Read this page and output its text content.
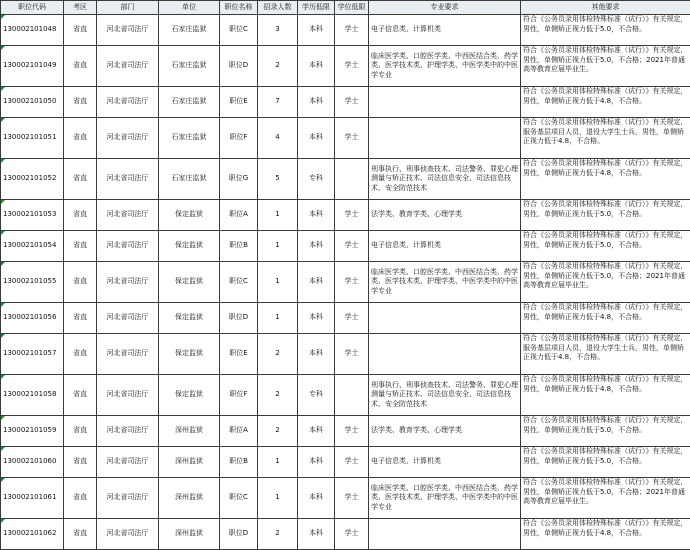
职位代码	考区	部门	单位	职位名称	招录人数	学历低限	学位低限	专业要求	其他要求
130002101048	省直	河北省司法厅	石家庄监狱	职位C	3	本科	学士	电子信息类、计算机类	符合《公务员录用体检特殊标准（试行）》有关规定，男性，单侧矫正视力低于5.0，不合格。

130002101049	省直	河北省司法厅	石家庄监狱	职位D	2	本科	学士	临床医学类、口腔医学类、中西医结合类、药学类、医学技术类、护理学类、中医学类中的中医学专业	符合《公务员录用体检特殊标准（试行）》有关规定，男性，单侧矫正视力低于5.0，不合格；2021年普通高等教育应届毕业生。

130002101050	省直	河北省司法厅	石家庄监狱	职位E	7	本科	学士		符合《公务员录用体检特殊标准（试行）》有关规定，男性，单侧矫正视力低于4.8，不合格。

130002101051	省直	河北省司法厅	石家庄监狱	职位F	4	本科	学士		符合《公务员录用体检特殊标准（试行）》有关规定，服务基层项目人员，退役大学生士兵，男性，单侧矫正视力低于4.8，不合格。

130002101052	省直	河北省司法厅	石家庄监狱	职位G	5	专科		刑事执行、刑事侦查技术、司法警务、罪犯心理测量与矫正技术、司法信息安全、司法信息技术、安全防范技术	符合《公务员录用体检特殊标准（试行）》有关规定，男性，单侧矫正视力低于4.8，不合格。

130002101053	省直	河北省司法厅	保定监狱	职位A	1	本科	学士	法学类、教育学类、心理学类	符合《公务员录用体检特殊标准（试行）》有关规定，男性，单侧矫正视力低于5.0，不合格。

130002101054	省直	河北省司法厅	保定监狱	职位B	1	本科	学士	电子信息类、计算机类	符合《公务员录用体检特殊标准（试行）》有关规定，男性，单侧矫正视力低于5.0，不合格。

130002101055	省直	河北省司法厅	保定监狱	职位C	1	本科	学士	临床医学类、口腔医学类、中西医结合类、药学类、医学技术类、护理学类、中医学类中的中医学专业	符合《公务员录用体检特殊标准（试行）》有关规定，男性，单侧矫正视力低于5.0，不合格；2021年普通高等教育应届毕业生。

130002101056	省直	河北省司法厅	保定监狱	职位D	1	本科	学士		符合《公务员录用体检特殊标准（试行）》有关规定，男性，单侧矫正视力低于4.8，不合格。

130002101057	省直	河北省司法厅	保定监狱	职位E	2	本科	学士		符合《公务员录用体检特殊标准（试行）》有关规定，服务基层项目人员，退役大学生士兵，男性，单侧矫正视力低于4.8，不合格。

130002101058	省直	河北省司法厅	保定监狱	职位F	2	专科		刑事执行、刑事侦查技术、司法警务、罪犯心理测量与矫正技术、司法信息安全、司法信息技术、安全防范技术	符合《公务员录用体检特殊标准（试行）》有关规定，男性，单侧矫正视力低于4.8，不合格。

130002101059	省直	河北省司法厅	深州监狱	职位A	2	本科	学士	法学类、教育学类、心理学类	符合《公务员录用体检特殊标准（试行）》有关规定，男性，单侧矫正视力低于5.0，不合格。

130002101060	省直	河北省司法厅	深州监狱	职位B	1	本科	学士	电子信息类、计算机类	符合《公务员录用体检特殊标准（试行）》有关规定，男性，单侧矫正视力低于5.0，不合格。

130002101061	省直	河北省司法厅	深州监狱	职位C	1	本科	学士	临床医学类、口腔医学类、中西医结合类、药学类、医学技术类、护理学类、中医学类中的中医学专业	符合《公务员录用体检特殊标准（试行）》有关规定，男性，单侧矫正视力低于5.0，不合格；2021年普通高等教育应届毕业生。

130002101062	省直	河北省司法厅	深州监狱	职位D	2	本科	学士		符合《公务员录用体检特殊标准（试行）》有关规定，男性，单侧矫正视力低于4.8，不合格。
